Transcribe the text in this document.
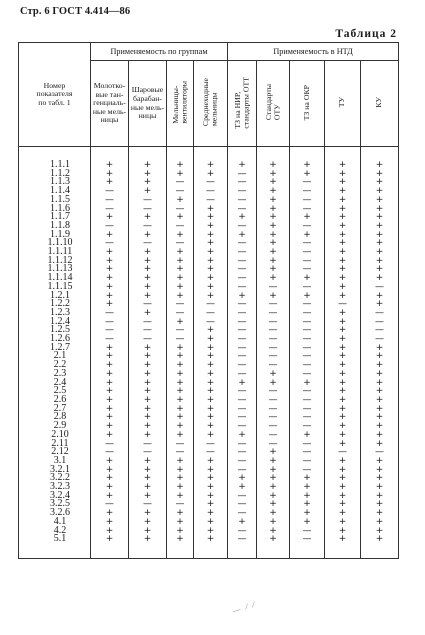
Стр. 6 ГОСТ 4.414—86
Таблица 2
Номер
показателя
по табл. 1	Применяемость по группам				Применяемость в НТД				

	Молотко-
вые тан-
генциаль-
ные мель-
ницы	Шаровые
барабан-
ные мель-
ницы	Мельницы-
вентиляторы	Среднеходные
мельницы	ТЗ на НИР,
стандарты ОТТ	Стандарты
ОТУ	ТЗ на ОКР	ТУ	КУ

1.1.1	+	+	+	+	+	+	+	+	+
1.1.2	+	+	+	+	—	+	+	+	+
1.1.3	+	+	—	—	—	+	—	+	+
1.1.4	—	+	—	—	—	+	—	+	+
1.1.5	—	—	+	—	—	+	—	+	+
1.1.6	—	—	—	+	—	+	—	+	+
1.1.7	+	+	+	+	+	+	+	+	+
1.1.8	—	—	—	+	—	+	—	+	+
1.1.9	+	+	+	+	+	+	+	+	+
1.1.10	—	—	—	+	—	+	—	+	+
1.1.11	+	+	+	+	—	+	—	+	+
1.1.12	+	+	+	+	—	+	—	+	+
1.1.13	+	+	+	+	—	+	—	+	+
1.1.14	+	+	+	+	—	+	+	+	+
1.1.15	+	+	+	+	—	—	—	+	—
1.2.1	+	+	+	+	+	+	+	+	+
1.2.2	+	—	—	—	—	—	—	—	+
1.2.3	—	+	—	—	—	—	—	+	—
1.2.4	—	—	+	—	—	—	—	+	—
1.2.5	—	—	—	+	—	—	—	+	—
1.2.6	—	—	—	+	—	—	—	+	—
1.2.7	+	+	+	+	—	—	—	+	+
2.1	+	+	+	+	—	—	—	+	+
2.2	+	+	+	+	—	—	—	+	+
2.3	+	+	+	+	—	+	—	+	+
2.4	+	+	+	+	+	+	+	+	+
2.5	+	+	+	+	—	—	—	+	+
2.6	+	+	+	+	—	—	—	+	+
2.7	+	+	+	+	—	—	—	+	+
2.8	+	+	+	+	—	—	—	+	+
2.9	+	+	+	+	—	—	—	+	+
2.10	+	+	+	+	+	—	+	+	+
2.11	—	—	—	—	—	—	—	+	+
2.12	—	—	—	—	—	+	—	—	—
3.1	+	+	+	+	—	+	—	+	+
3.2.1	+	+	+	+	—	+	—	+	+
3.2.2	+	+	+	+	+	+	+	+	+
3.2.3	+	+	+	+	+	+	+	+	+
3.2.4	+	+	+	+	—	+	+	+	+
3.2.5	—	—	—	+	—	+	+	+	+
3.2.6	+	+	+	+	—	+	+	+	+
4.1	+	+	+	+	+	+	+	+	+
4.2	+	+	+	+	—	+	—	+	+
5.1	+	+	+	+	—	+	—	+	+

— ⁄ ⁄
